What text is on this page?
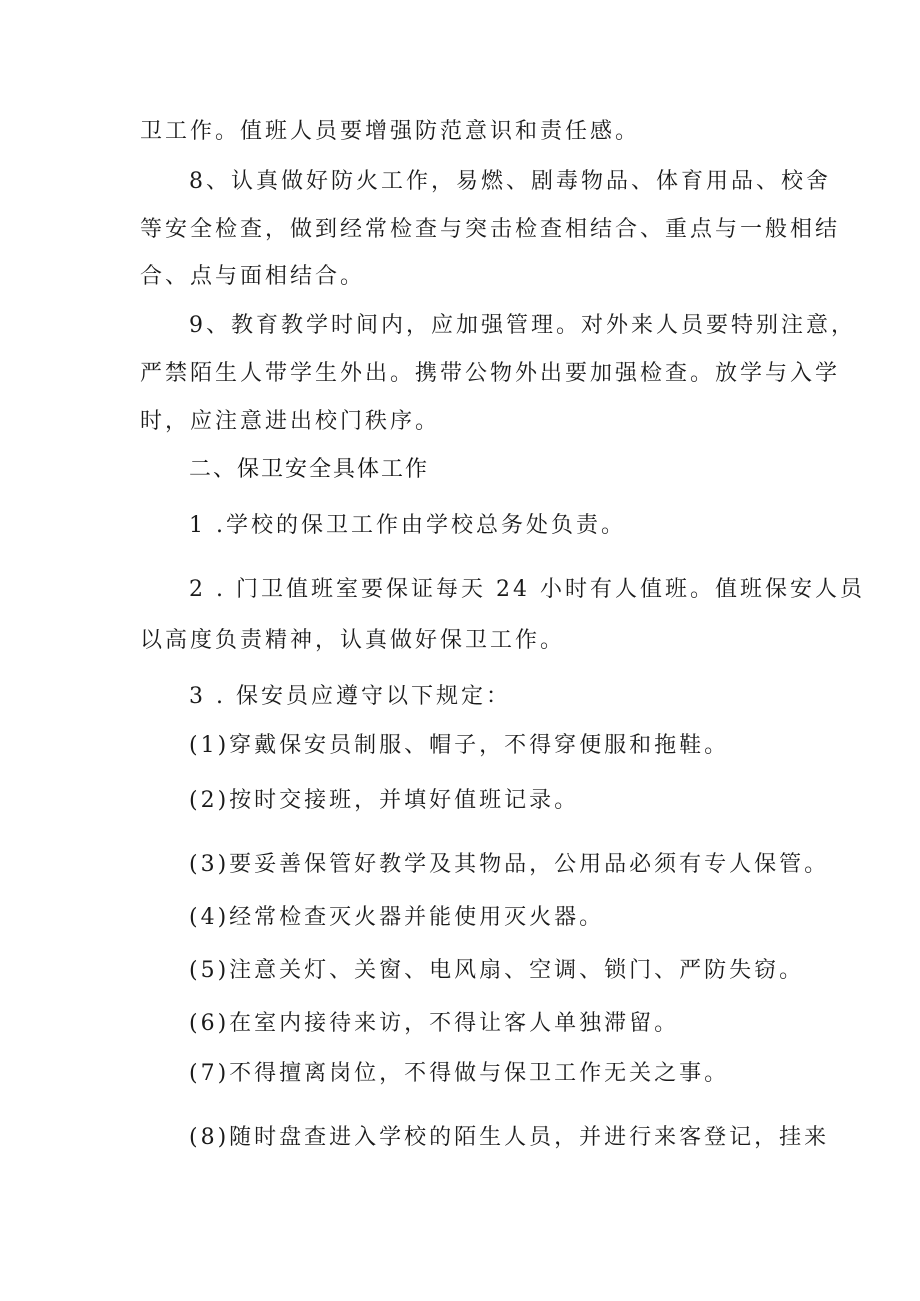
卫工作。值班人员要增强防范意识和责任感。
8、认真做好防火工作，易燃、剧毒物品、体育用品、校舍
等安全检查，做到经常检查与突击检查相结合、重点与一般相结
合、点与面相结合。
9、教育教学时间内，应加强管理。对外来人员要特别注意，
严禁陌生人带学生外出。携带公物外出要加强检查。放学与入学
时，应注意进出校门秩序。
二、保卫安全具体工作
1 .学校的保卫工作由学校总务处负责。
2 . 门卫值班室要保证每天 24 小时有人值班。值班保安人员
以高度负责精神，认真做好保卫工作。
3 . 保安员应遵守以下规定：
(1)穿戴保安员制服、帽子，不得穿便服和拖鞋。
(2)按时交接班，并填好值班记录。
(3)要妥善保管好教学及其物品，公用品必须有专人保管。
(4)经常检查灭火器并能使用灭火器。
(5)注意关灯、关窗、电风扇、空调、锁门、严防失窃。
(6)在室内接待来访，不得让客人单独滞留。
(7)不得擅离岗位，不得做与保卫工作无关之事。
(8)随时盘查进入学校的陌生人员，并进行来客登记，挂来
